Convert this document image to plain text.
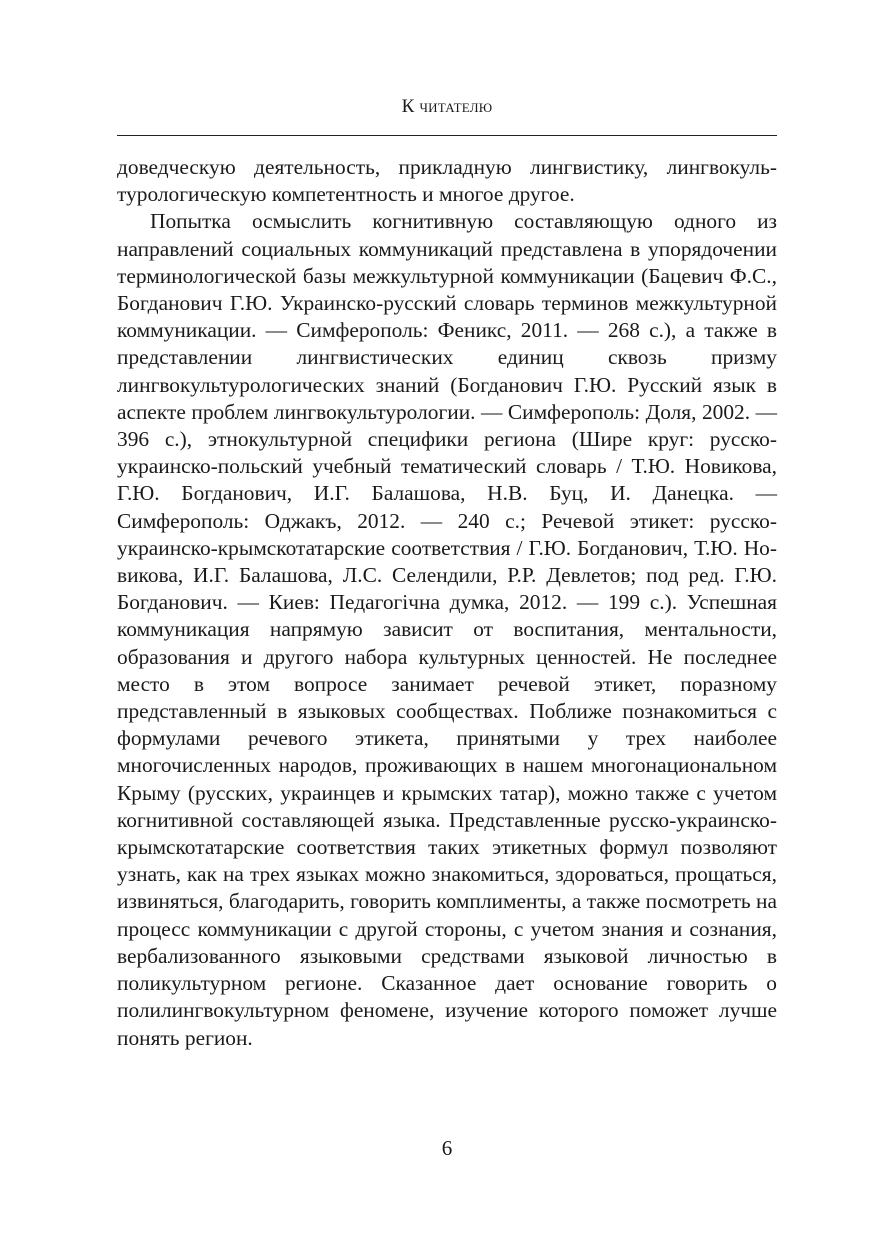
К читателю

доведческую деятельность, прикладную лингвистику, лингвокультурологическую компетентность и многое другое.

Попытка осмыслить когнитивную составляющую одного из направлений социальных коммуникаций представлена в упорядочении терминологической базы межкультурной коммуникации (Бацевич Ф.С., Богданович Г.Ю. Украинско-русский словарь терминов межкультурной коммуникации. — Симферополь: Феникс, 2011. — 268 с.), а также в представлении лингвистических единиц сквозь призму лингвокультурологических знаний (Богданович Г.Ю. Русский язык в аспекте проблем лингвокультурологии. — Симферополь: Доля, 2002. — 396 с.), этнокультурной специфики региона (Шире круг: русско-украинско-польский учебный тематический словарь / Т.Ю. Новикова, Г.Ю. Богданович, И.Г. Балашова, Н.В. Буц, И. Данецка. — Симферополь: Оджакъ, 2012. — 240 с.; Речевой этикет: русско-украинско-крымскотатарские соответствия / Г.Ю. Богданович, Т.Ю. Новикова, И.Г. Балашова, Л.С. Селендили, Р.Р. Девлетов; под ред. Г.Ю. Богданович. — Киев: Педагогічна думка, 2012. — 199 с.). Успешная коммуникация напрямую зависит от воспитания, ментальности, образования и другого набора культурных ценностей. Не последнее место в этом вопросе занимает речевой этикет, поразному представленный в языковых сообществах. Поближе познакомиться с формулами речевого этикета, принятыми у трех наиболее многочисленных народов, проживающих в нашем многонациональном Крыму (русских, украинцев и крымских татар), можно также с учетом когнитивной составляющей языка. Представленные русско-украинско-крымскотатарские соответствия таких этикетных формул позволяют узнать, как на трех языках можно знакомиться, здороваться, прощаться, извиняться, благодарить, говорить комплименты, а также посмотреть на процесс коммуникации с другой стороны, с учетом знания и сознания, вербализованного языковыми средствами языковой личностью в поликультурном регионе. Сказанное дает основание говорить о полилингвокультурном феномене, изучение которого поможет лучше понять регион.

6
